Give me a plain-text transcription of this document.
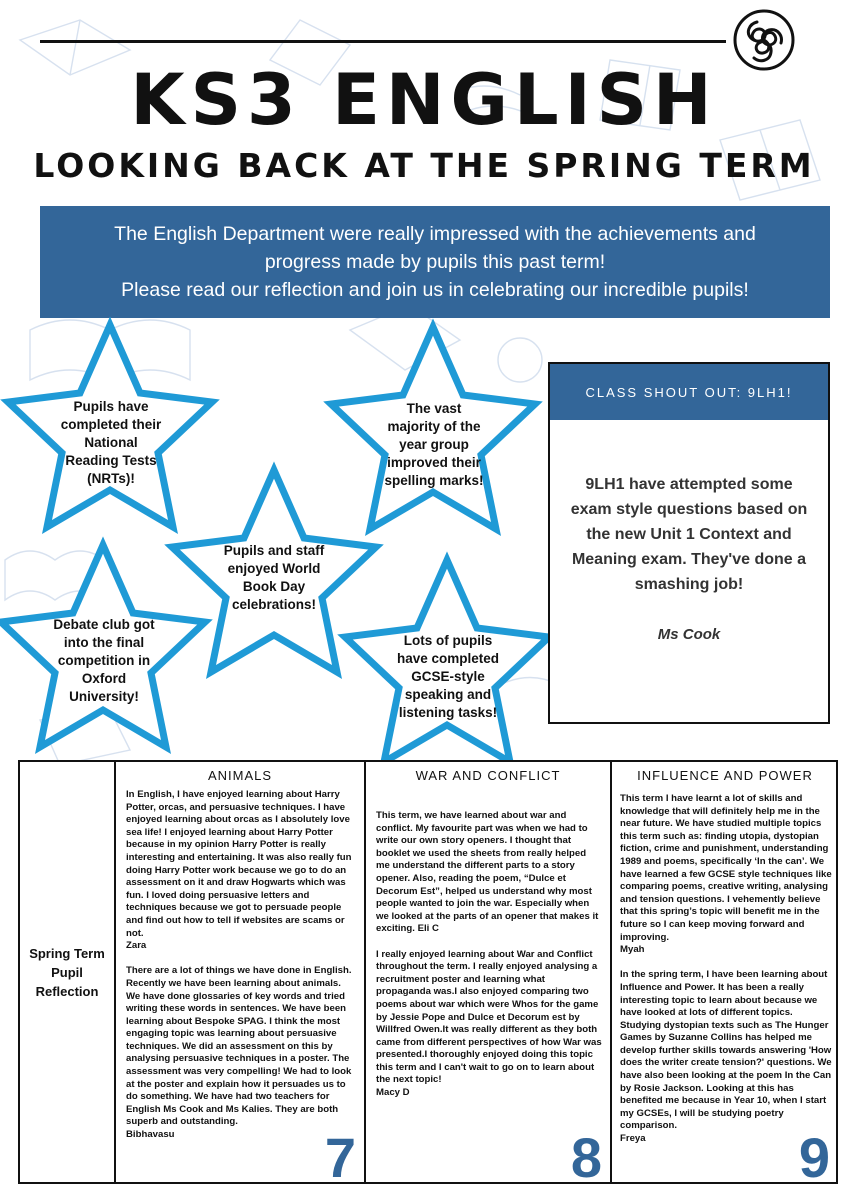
KS3 ENGLISH
LOOKING BACK AT THE SPRING TERM

The English Department were really impressed with the achievements and

progress made by pupils this past term!

Please read our reflection and join us in celebrating our incredible pupils!

Pupils have completed their National Reading Tests (NRTs)!
The vast majority of the year group improved their spelling marks!
Pupils and staff enjoyed World Book Day celebrations!
Debate club got into the final competition in Oxford University!
Lots of pupils have completed GCSE-style speaking and listening tasks!
CLASS SHOUT OUT: 9LH1!
9LH1 have attempted some exam style questions based on the new Unit 1 Context and Meaning exam. They've done a smashing job!
Ms Cook
Spring Term Pupil Reflection
ANIMALS
In English, I have enjoyed learning about Harry Potter, orcas, and persuasive techniques. I have enjoyed learning about orcas as I absolutely love sea life! I enjoyed learning about Harry Potter because in my opinion Harry Potter is really interesting and entertaining. It was also really fun doing Harry Potter work because we go to do an assessment on it and draw Hogwarts which was fun. I loved doing persuasive letters and techniques because we got to persuade people and find out how to tell if websites are scams or not.
Zara

There are a lot of things we have done in English. Recently we have been learning about animals. We have done glossaries of key words and tried writing these words in sentences. We have been learning about Bespoke SPAG. I think the most engaging topic was learning about persuasive techniques. We did an assessment on this by analysing persuasive techniques in a poster. The assessment was very compelling! We had to look at the poster and explain how it persuades us to do something. We have had two teachers for English Ms Cook and Ms Kalies. They are both superb and outstanding.
Bibhavasu	7
WAR AND CONFLICT
This term, we have learned about war and conflict. My favourite part was when we had to write our own story openers. I thought that booklet we used the sheets from really helped me understand the different parts to a story opener. Also, reading the poem, “Dulce et Decorum Est”, helped us understand why most people wanted to join the war. Especially when we looked at the parts of an opener that makes it exciting. Eli C

I really enjoyed learning about War and Conflict throughout the term. I really enjoyed analysing a recruitment poster and learning what propaganda was.I also enjoyed comparing two poems about war which were Whos for the game by Jessie Pope and Dulce et Decorum est by Willfred Owen.It was really different as they both came from different perspectives of how War was presented.I thoroughly enjoyed doing this topic this term and I can't wait to go on to learn about the next topic!
Macy D
8
INFLUENCE AND POWER
This term I have learnt a lot of skills and knowledge that will definitely help me in the near future. We have studied multiple topics this term such as: finding utopia, dystopian fiction, crime and punishment, understanding 1989 and poems, specifically ‘In the can’. We have learned a few GCSE style techniques like comparing poems, creative writing, analysing and tension questions. I vehemently believe that this spring’s topic will benefit me in the future so I can keep moving forward and improving.
Myah

In the spring term, I have been learning about Influence and Power. It has been a really interesting topic to learn about because we have looked at lots of different topics. Studying dystopian texts such as The Hunger Games by Suzanne Collins has helped me develop further skills towards answering 'How does the writer create tension?' questions. We have also been looking at the poem In the Can by Rosie Jackson. Looking at this has benefited me because in Year 10, when I start my GCSEs, I will be studying poetry comparison.
Freya	9
